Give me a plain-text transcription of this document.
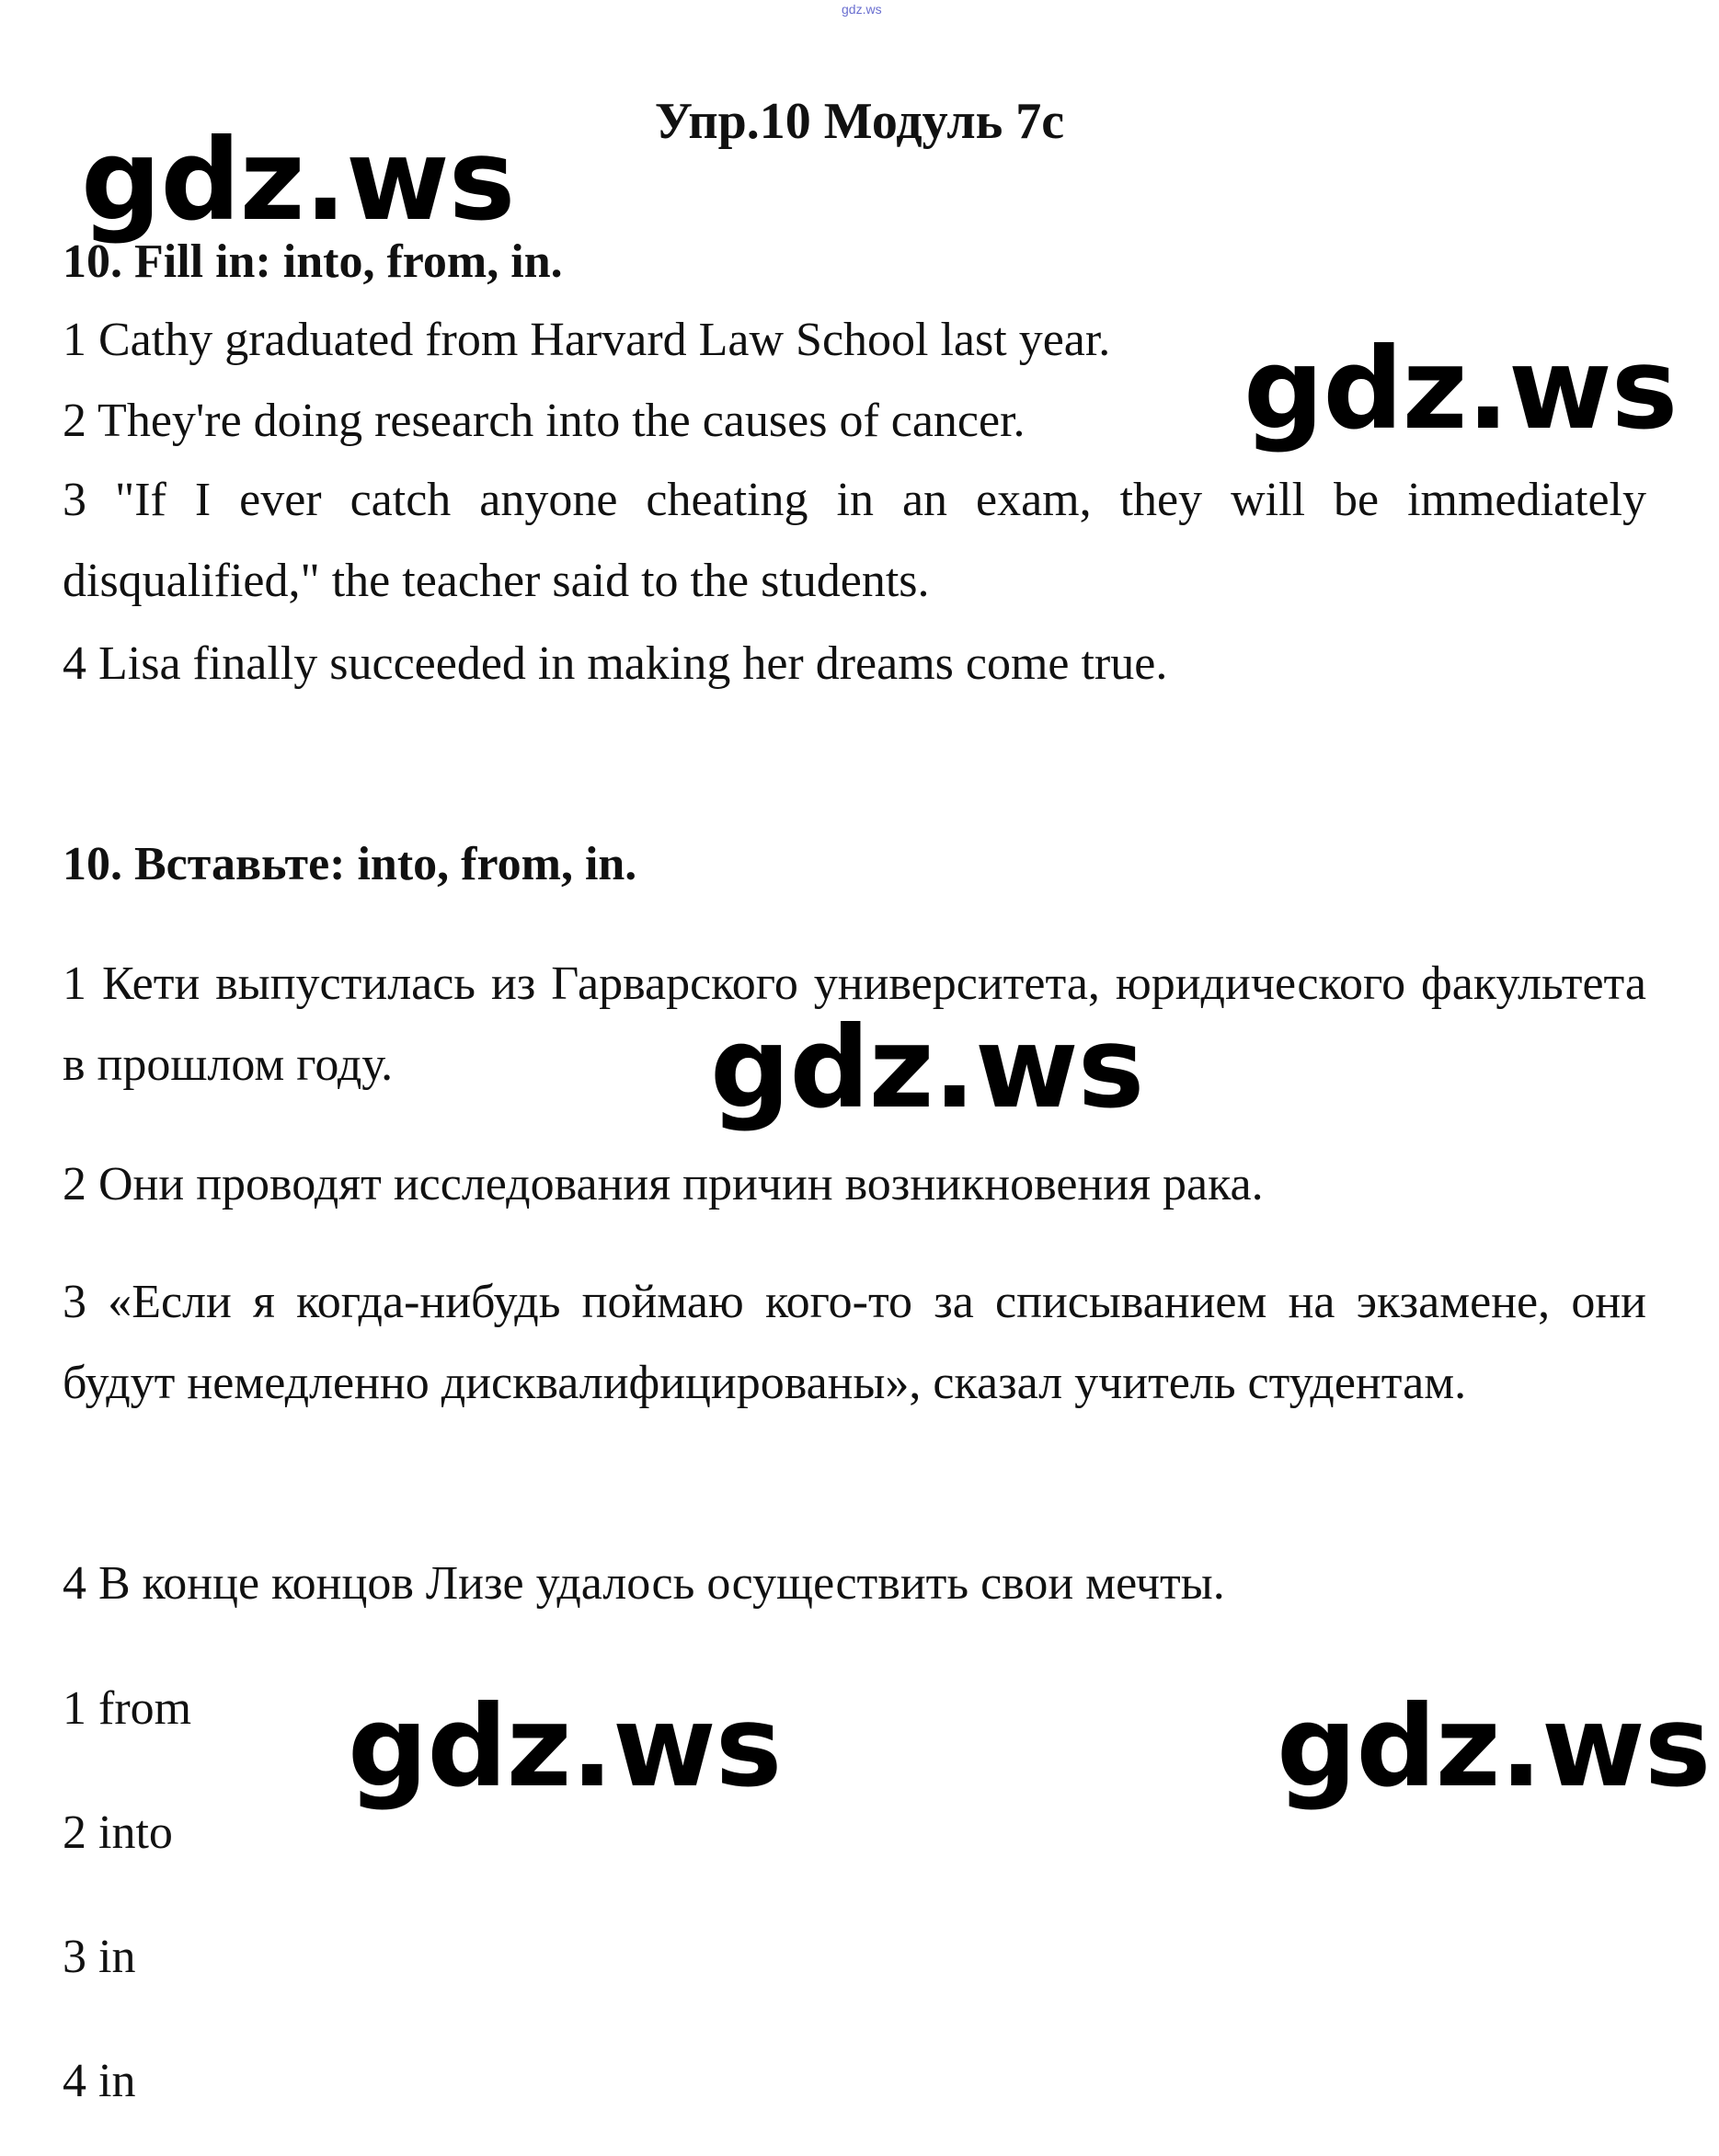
gdz.ws
Упр.10 Модуль 7с
10. Fill in: into, from, in.
1 Cathy graduated from Harvard Law School last year.
2 They're doing research into the causes of cancer.
3 "If I ever catch anyone cheating in an exam, they will be immediately disqualified," the teacher said to the students.
4 Lisa finally succeeded in making her dreams come true.
10. Вставьте: into, from, in.
1 Кети выпустилась из Гарварского университета, юридического факультета в прошлом году.
2 Они проводят исследования причин возникновения рака.
3 «Если я когда-нибудь поймаю кого-то за списыванием на экзамене, они будут немедленно дисквалифицированы», сказал учитель студентам.
4 В конце концов Лизе удалось осуществить свои мечты.
1 from
2 into
3 in
4 in
gdz.ws
gdz.ws
gdz.ws
gdz.ws	gdz.ws
